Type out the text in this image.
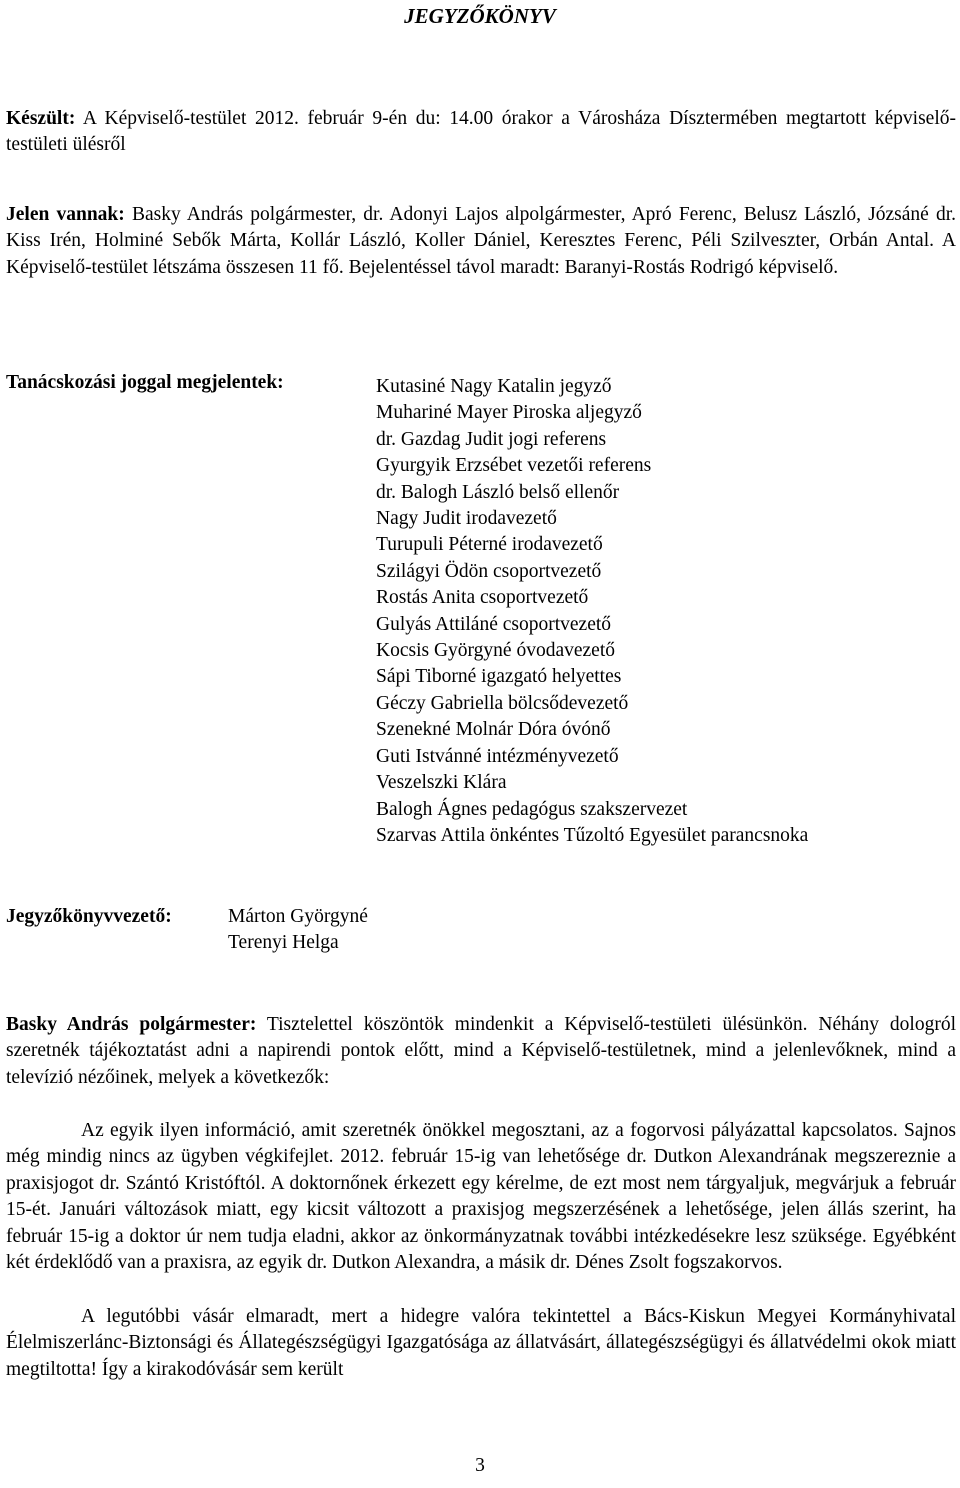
JEGYZŐKÖNYV
Készült: A Képviselő-testület 2012. február 9-én du: 14.00 órakor a Városháza Dísztermében megtartott képviselő-testületi ülésről
Jelen vannak: Basky András polgármester, dr. Adonyi Lajos alpolgármester, Apró Ferenc, Belusz László, Józsáné dr. Kiss Irén, Holminé Sebők Márta, Kollár László, Koller Dániel, Keresztes Ferenc, Péli Szilveszter, Orbán Antal. A Képviselő-testület létszáma összesen 11 fő. Bejelentéssel távol maradt: Baranyi-Rostás Rodrigó képviselő.
Tanácskozási joggal megjelentek:	Kutasiné Nagy Katalin jegyző
Muhariné Mayer Piroska aljegyző
dr. Gazdag Judit jogi referens
Gyurgyik Erzsébet vezetői referens
dr. Balogh László belső ellenőr
Nagy Judit irodavezető
Turupuli Péterné irodavezető
Szilágyi Ödön csoportvezető
Rostás Anita csoportvezető
Gulyás Attiláné csoportvezető
Kocsis Györgyné óvodavezető
Sápi Tiborné igazgató helyettes
Géczy Gabriella bölcsődevezető
Szenekné Molnár Dóra óvónő
Guti Istvánné intézményvezető
Veszelszki Klára
Balogh Ágnes pedagógus szakszervezet
Szarvas Attila önkéntes Tűzoltó Egyesület parancsnoka
Jegyzőkönyvvezető:	Márton Györgyné
Terenyi Helga
Basky András polgármester: Tisztelettel köszöntök mindenkit a Képviselő-testületi ülésünkön. Néhány dologról szeretnék tájékoztatást adni a napirendi pontok előtt, mind a Képviselő-testületnek, mind a jelenlevőknek, mind a televízió nézőinek, melyek a következők:
Az egyik ilyen információ, amit szeretnék önökkel megosztani, az a fogorvosi pályázattal kapcsolatos. Sajnos még mindig nincs az ügyben végkifejlet. 2012. február 15-ig van lehetősége dr. Dutkon Alexandrának megszereznie a praxisjogot dr. Szántó Kristóftól. A doktornőnek érkezett egy kérelme, de ezt most nem tárgyaljuk, megvárjuk a február 15-ét. Januári változások miatt, egy kicsit változott a praxisjog megszerzésének a lehetősége, jelen állás szerint, ha február 15-ig a doktor úr nem tudja eladni, akkor az önkormányzatnak további intézkedésekre lesz szüksége. Egyébként két érdeklődő van a praxisra, az egyik dr. Dutkon Alexandra, a másik dr. Dénes Zsolt fogszakorvos.
A legutóbbi vásár elmaradt, mert a hidegre valóra tekintettel a Bács-Kiskun Megyei Kormányhivatal Élelmiszerlánc-Biztonsági és Állategészségügyi Igazgatósága az állatvásárt, állategészségügyi és állatvédelmi okok miatt megtiltotta! Így a kirakodóvásár sem került
3
